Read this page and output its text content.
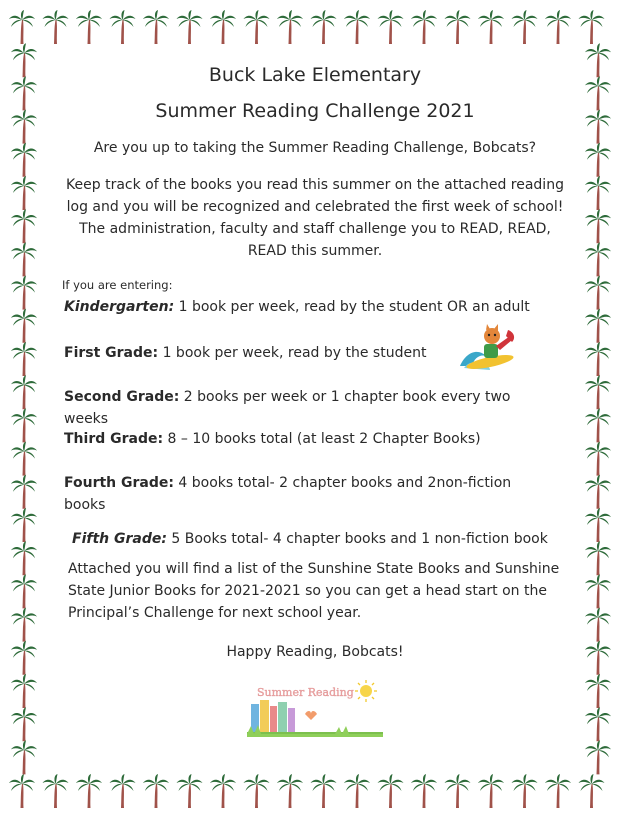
Buck Lake Elementary
Summer Reading Challenge 2021
Are you up to taking the Summer Reading Challenge, Bobcats?
Keep track of the books you read this summer on the attached reading log and you will be recognized and celebrated the first week of school! The administration, faculty and staff challenge you to READ, READ, READ this summer.
If you are entering:
Kindergarten: 1 book per week, read by the student OR an adult
First Grade: 1 book per week, read by the student
Second Grade: 2 books per week or 1 chapter book every two weeks
Third Grade: 8 – 10 books total (at least 2 Chapter Books)
Fourth Grade: 4 books total- 2 chapter books and 2non-fiction books
Fifth Grade: 5 Books total- 4 chapter books and 1 non-fiction book
Attached you will find a list of the Sunshine State Books and Sunshine State Junior Books for 2021-2021 so you can get a head start on the Principal’s Challenge for next school year.
Happy Reading, Bobcats!
Summer Reading
